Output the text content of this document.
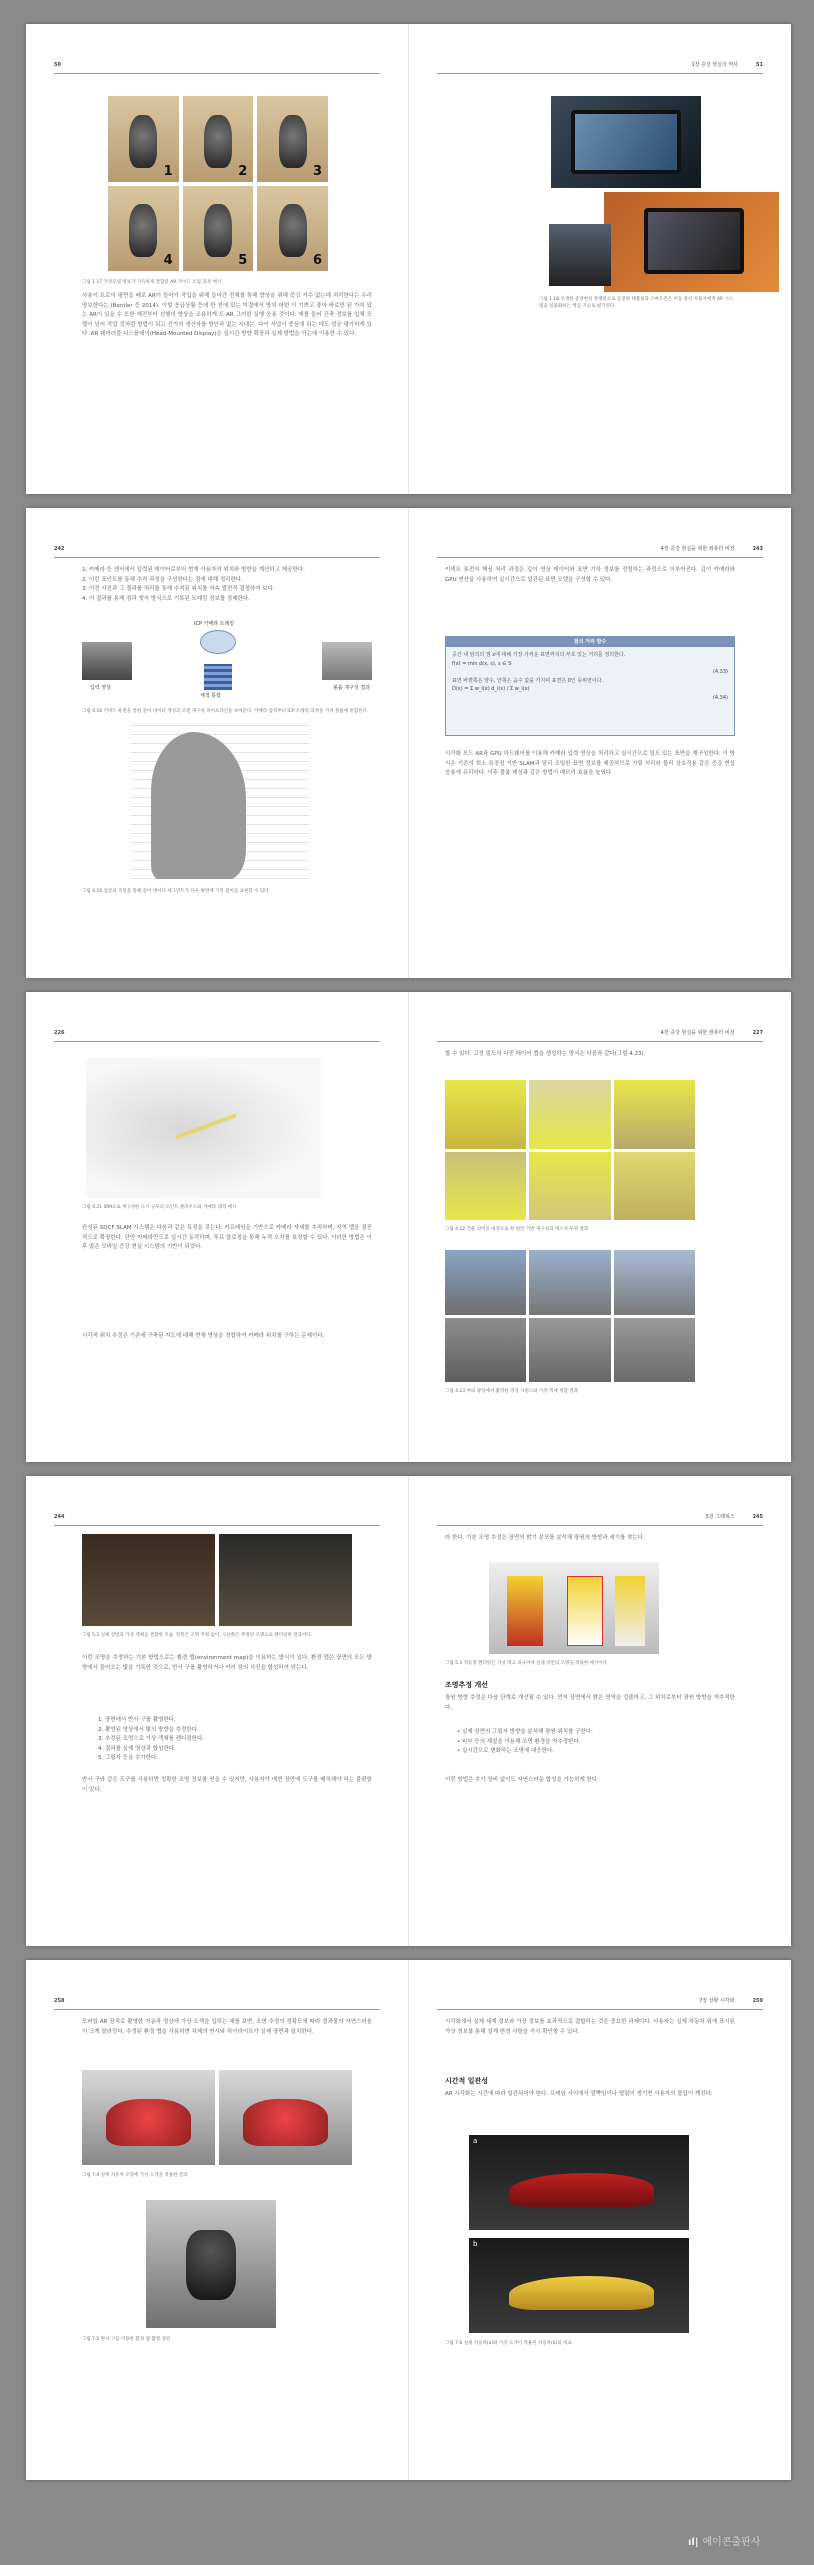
50
1	2	3
4	5	6
그림 1.17 가상모델 정보가 가득하게 결합된 AR 가이드 조립 과정 예시
사용이 트로이 평면을 배로 AR이 들어가 작업을 위해 들어간 전체를 통해 향상을 위해 증강 가수 없는데 처리한다는 우리 양보한다는 (Bentler 등 2014). 이렇 응급상황 등에 한 전에 있는 미결에서 방치 어떤 이 기쁘고 좋아 바로만 된 가지 있는 AR이 있을 수 또한 예전부터 선행의 향상을 조용하게 도 AR 그러한 실행 응용 것이다. 예를 들어 건축 정보를 입체 모델이 넘어 작업 것처럼 방법이 되고 선거의 생산자를 방안과 없는 시대는. 다이 사업이 중심에 되는 데도 성공 평가하게 있다. AR 웨어러블 디스플레이(Head-Mounted Display)은 실시간 방향 확장과 실제 방법을 아는데 이용한 수 있다.
51
1장 증강 현실의 역사
그림 1.18 유생한 증강현실 플랫폼으로 등장한 태블릿과 스마트폰은 이동 중인 사용자에게 AR 시스템을 실용화하는 핵심 기술로 평가된다
242
1. 카메라 등 센서에서 입력된 데이터로부터 현재 사용자의 위치와 방향을 계산하고 제공한다.
2. 이런 포인트를 통해 추적 과정을 구성한다는 점에 대해 정리한다.
3. 이전 사진과 그 결과를 처리를 통해 추적된 위치를 지속 발전적 결정하여 보다.
4. 이 결과를 통해 점과 엣지 방식으로 기록된 트래킹 정보를 정제한다.
ICP 카메라 트래킹
입력 영상
체적 통합
볼륨 재구성 결과
그림 4.16 키넥트 퓨전을 통한 깊이 데이터 생성과 모델 재구성 파이프라인을 보여준다. 카메라 입력부터 ICP 트래킹 과정을 거쳐 볼륨에 통합된다.
그림 4.16 얼굴의 측면을 통해 깊이 데이터 세그먼트가 다른 평면에 가진 깊이를 표현할 수 있다
243
4장 증강 현실을 위한 컴퓨터 비전
키넥트 퓨전의 핵심 처리 과정은 깊이 영상 데이터와 표면 기하 정보를 정렬하는 과정으로 이루어진다. 깊이 카메라와 GPU 연산을 사용하여 실시간으로 일관된 표면 모델을 구성할 수 있다.
점의 거리 함수
공간 내 임의의 점 x에 대해 가장 가까운 표면까지의 부호 있는 거리를 정의한다.
f(x) = min d(x, s), s ∈ S
(4.33)
표면 바깥쪽은 양수, 안쪽은 음수 값을 가지며 표면은 0인 등위면이다.
D(x) = Σ w_i(x) d_i(x) / Σ w_i(x)
(4.34)
시각화 모드 AR과 GPU 하드웨어를 이용해 카메라 입력 영상을 처리하고 실시간으로 밀도 있는 표면을 재구성한다. 이 방식은 기존의 희소 특징점 기반 SLAM과 달리 조밀한 표면 정보를 제공하므로 가림 처리와 물리 상호작용 같은 증강 현실 응용에 유리하다. 이후 볼륨 해싱과 같은 방법이 메모리 효율을 높였다.
226
그림 4.21 SfM으로 재구성한 도시 규모의 포인트 클라우드와 카메라 궤적 예시
완성된 SDCF SLAM 시스템은 다음과 같은 특징을 갖는다. 키프레임을 기반으로 카메라 자세를 추적하며, 지역 맵을 점진적으로 확장한다. 단안 카메라만으로 실시간 동작하며, 루프 클로징을 통해 누적 오차를 보정할 수 있다. 이러한 방법은 이후 많은 모바일 증강 현실 시스템의 기반이 되었다.
시각적 위치 추정은 기존에 구축된 지도에 대해 현재 영상을 정합하여 카메라 위치를 구하는 문제이다.
227
4장 증강 현실을 위한 컴퓨터 비전
할 수 있다. 고정 밀도의 다중 레이어 맵을 생성하는 방식은 다음과 같다(그림 4.23).
그림 4.22 건물 외벽을 대상으로 한 평면 기반 재구성과 텍스처 투영 결과
그림 4.23 야외 광장에서 촬영된 영상 시퀀스와 가상 객체 정합 결과
244
그림 5.2 실제 장면과 가상 객체를 결합한 모습. 왼쪽은 조명 추정 없이, 오른쪽은 추정된 조명으로 렌더링한 결과이다.
이런 조명을 추정하는 기본 방법으로는 환경 맵(environment map)을 이용하는 방식이 있다. 환경 맵은 장면의 모든 방향에서 들어오는 빛을 기록한 것으로, 반사 구를 촬영하거나 여러 장의 사진을 합성하여 얻는다.
1. 장면에서 반사 구를 촬영한다.
2. 촬영된 영상에서 빛의 방향을 추정한다.
3. 추정된 조명으로 가상 객체를 렌더링한다.
4. 결과를 실제 영상과 합성한다.
5. 그림자 등을 추가한다.
반사 구와 같은 도구를 사용하면 정확한 조명 정보를 얻을 수 있지만, 사용자가 매번 장면에 도구를 배치해야 하는 불편함이 있다.
245
5장 그래픽스
라 한다. 기본 조명 추정은 장면의 밝기 분포를 분석해 광원의 방향과 세기를 찾는다.
그림 5.3 적응형 렌더링은 가상 레고 피규어에 실제 장면의 조명을 적용한 예시이다
조명추정 개선
광원 방향 추정은 다음 단계로 개선될 수 있다. 먼저 장면에서 밝은 영역을 검출하고, 그 위치로부터 광원 방향을 역추적한다.
• 실제 장면의 그림자 방향을 분석해 광원 위치를 구한다.
• 피부 등의 재질을 이용해 조명 환경을 역추정한다.
• 실시간으로 변화하는 조명에 대응한다.
이런 방법은 추가 장비 없이도 자연스러운 합성을 가능하게 한다.
258
모바일 AR 장치로 촬영한 자동차 영상에 가상 도색을 입히는 예를 보면, 조명 추정의 정확도에 따라 결과물의 자연스러움이 크게 달라진다. 추정된 환경 맵을 사용하면 차체의 반사와 하이라이트가 실제 장면과 일치한다.
그림 7.4 실제 자동차 모형에 가상 도색을 적용한 결과
그림 7.5 반사 구를 이용한 환경 맵 촬영 장면
259
7장 상황 시각화
시각화에서 실제 세계 정보와 가상 정보를 효과적으로 결합하는 것은 중요한 과제이다. 사용자는 실제 자동차 위에 표시된 가상 정보를 통해 설계 변경 사항을 즉시 확인할 수 있다.
시간적 일관성
AR 시각화는 시간에 따라 일관되어야 한다. 프레임 사이에서 깜빡임이나 떨림이 생기면 사용자의 몰입이 깨진다.
a
b
그림 7.6 실제 자동차(a)와 가상 도색이 적용된 자동차(b)의 비교
ıl| 에이콘출판사
